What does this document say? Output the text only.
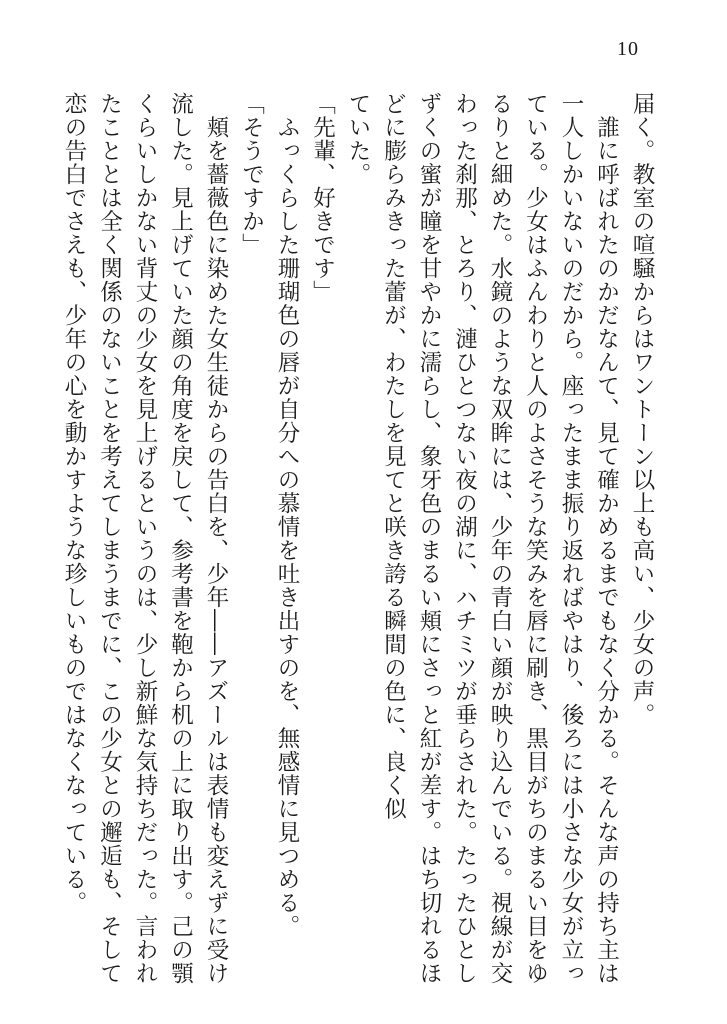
10

届く。教室の喧騒からはワントーン以上も高い、少女の声。

　誰に呼ばれたのかだなんて、見て確かめるまでもなく分かる。そんな声の持ち主は

一人しかいないのだから。座ったまま振り返ればやはり、後ろには小さな少女が立っ

ている。少女はふんわりと人のよさそうな笑みを唇に刷き、黒目がちのまるい目をゆ

るりと細めた。水鏡のような双眸には、少年の青白い顔が映り込んでいる。視線が交

わった刹那、とろり、漣ひとつない夜の湖に、ハチミツが垂らされた。たったひとし

ずくの蜜が瞳を甘やかに濡らし、象牙色のまるい頬にさっと紅が差す。はち切れるほ

どに膨らみきった蕾が、わたしを見てと咲き誇る瞬間の色に、良く似

ていた。

「先輩、好きです」

　ふっくらした珊瑚色の唇が自分への慕情を吐き出すのを、無感情に見つめる。

「そうですか」

　頬を薔薇色に染めた女生徒からの告白を、少年――アズールは表情も変えずに受け

流した。見上げていた顔の角度を戻して、参考書を鞄から机の上に取り出す。己の顎

くらいしかない背丈の少女を見上げるというのは、少し新鮮な気持ちだった。言われ

たこととは全く関係のないことを考えてしまうまでに、この少女との邂逅も、そして

恋の告白でさえも、少年の心を動かすような珍しいものではなくなっている。
